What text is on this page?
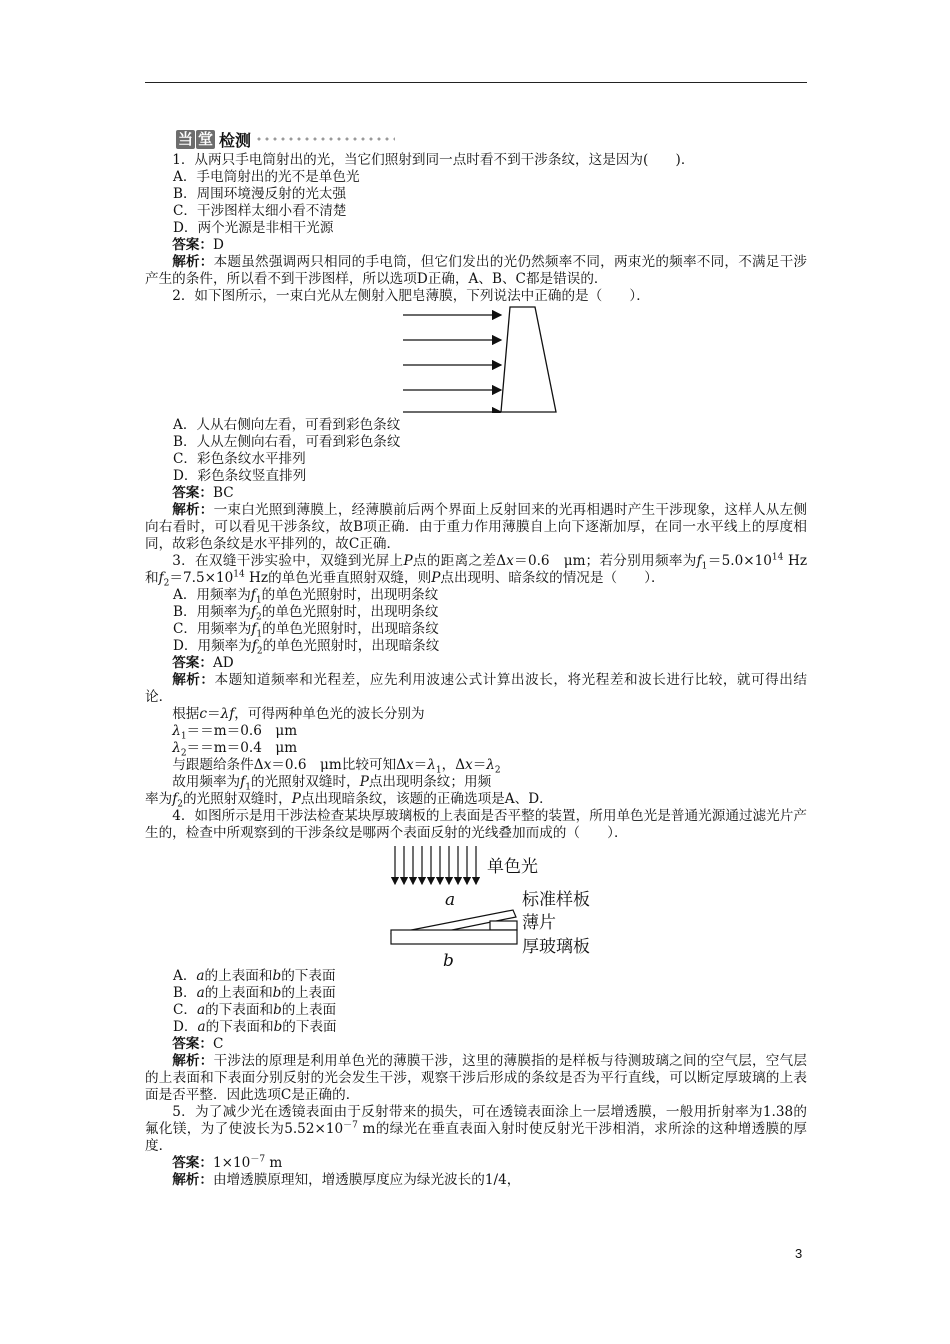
当 堂 检测

1．从两只手电筒射出的光，当它们照射到同一点时看不到干涉条纹，这是因为(　　)．

A．手电筒射出的光不是单色光

B．周围环境漫反射的光太强

C．干涉图样太细小看不清楚

D．两个光源是非相干光源

答案：D

解析：本题虽然强调两只相同的手电筒，但它们发出的光仍然频率不同，两束光的频率不同，不满足干涉产生的条件，所以看不到干涉图样，所以选项D正确，A、B、C都是错误的．

2．如下图所示，一束白光从左侧射入肥皂薄膜，下列说法中正确的是（　　）．

A．人从右侧向左看，可看到彩色条纹

B．人从左侧向右看，可看到彩色条纹

C．彩色条纹水平排列

D．彩色条纹竖直排列

答案：BC

解析：一束白光照到薄膜上，经薄膜前后两个界面上反射回来的光再相遇时产生干涉现象，这样人从左侧向右看时，可以看见干涉条纹，故B项正确．由于重力作用薄膜自上向下逐渐加厚，在同一水平线上的厚度相同，故彩色条纹是水平排列的，故C正确．

3．在双缝干涉实验中，双缝到光屏上P点的距离之差Δx＝0.6　μm；若分别用频率为$f_1=5.0\times 10^{14}$ Hz和$f_2=7.5\times 10^{14}$ Hz的单色光垂直照射双缝，则P点出现明、暗条纹的情况是（　　）．

A．用频率为$f_1$的单色光照射时，出现明条纹

B．用频率为$f_2$的单色光照射时，出现明条纹

C．用频率为$f_1$的单色光照射时，出现暗条纹

D．用频率为$f_2$的单色光照射时，出现暗条纹

答案：AD

解析：本题知道频率和光程差，应先利用波速公式计算出波长，将光程差和波长进行比较，就可得出结论．

根据c＝λf，可得两种单色光的波长分别为

$\lambda_1==m=0.6$　μm

$\lambda_2==m=0.4$　μm

与跟题给条件Δx＝0.6　μm比较可知$\Delta x=\lambda_1$，$\Delta x=\lambda_2$

故用频率为$f_1$的光照射双缝时，P点出现明条纹；用频

率为$f_2$的光照射双缝时，P点出现暗条纹，该题的正确选项是A、D．

4．如图所示是用干涉法检查某块厚玻璃板的上表面是否平整的装置，所用单色光是普通光源通过滤光片产生的，检查中所观察到的干涉条纹是哪两个表面反射的光线叠加而成的（　　）．

单色光
a
b
标准样板
薄片
厚玻璃板

A．a的上表面和b的下表面

B．a的上表面和b的上表面

C．a的下表面和b的上表面

D．a的下表面和b的下表面

答案：C

解析：干涉法的原理是利用单色光的薄膜干涉，这里的薄膜指的是样板与待测玻璃之间的空气层，空气层的上表面和下表面分别反射的光会发生干涉，观察干涉后形成的条纹是否为平行直线，可以断定厚玻璃的上表面是否平整．因此选项C是正确的．

5．为了减少光在透镜表面由于反射带来的损失，可在透镜表面涂上一层增透膜，一般用折射率为1.38的氟化镁，为了使波长为$5.52\times 10^{-7}$ m的绿光在垂直表面入射时使反射光干涉相消，求所涂的这种增透膜的厚度．

答案：$1\times 10^{-7}$ m

解析：由增透膜原理知，增透膜厚度应为绿光波长的1/4，

3
